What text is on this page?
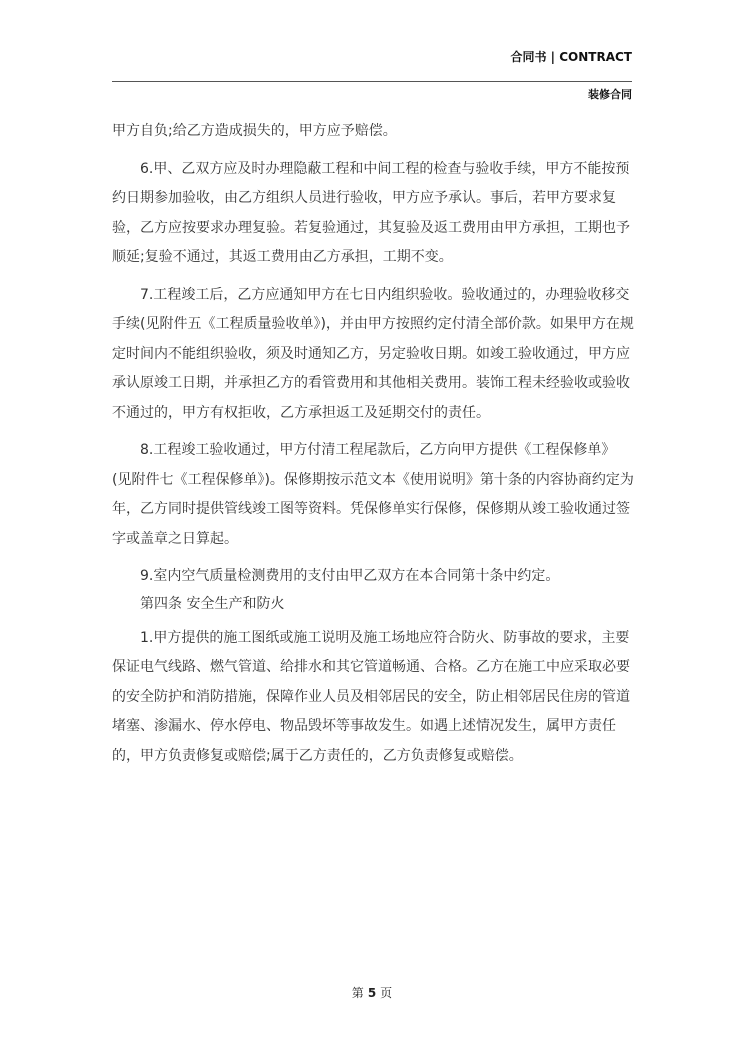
合同书 | CONTRACT
装修合同

甲方自负;给乙方造成损失的，甲方应予赔偿。

6.甲、乙双方应及时办理隐蔽工程和中间工程的检查与验收手续，甲方不能按预约日期参加验收，由乙方组织人员进行验收，甲方应予承认。事后，若甲方要求复验，乙方应按要求办理复验。若复验通过，其复验及返工费用由甲方承担，工期也予顺延;复验不通过，其返工费用由乙方承担，工期不变。

7.工程竣工后，乙方应通知甲方在七日内组织验收。验收通过的，办理验收移交手续(见附件五《工程质量验收单》)，并由甲方按照约定付清全部价款。如果甲方在规定时间内不能组织验收，须及时通知乙方，另定验收日期。如竣工验收通过，甲方应承认原竣工日期，并承担乙方的看管费用和其他相关费用。装饰工程未经验收或验收不通过的，甲方有权拒收，乙方承担返工及延期交付的责任。

8.工程竣工验收通过，甲方付清工程尾款后，乙方向甲方提供《工程保修单》(见附件七《工程保修单》)。保修期按示范文本《使用说明》第十条的内容协商约定为 年，乙方同时提供管线竣工图等资料。凭保修单实行保修，保修期从竣工验收通过签字或盖章之日算起。

9.室内空气质量检测费用的支付由甲乙双方在本合同第十条中约定。

第四条 安全生产和防火

1.甲方提供的施工图纸或施工说明及施工场地应符合防火、防事故的要求，主要保证电气线路、燃气管道、给排水和其它管道畅通、合格。乙方在施工中应采取必要的安全防护和消防措施，保障作业人员及相邻居民的安全，防止相邻居民住房的管道堵塞、渗漏水、停水停电、物品毁坏等事故发生。如遇上述情况发生，属甲方责任的，甲方负责修复或赔偿;属于乙方责任的，乙方负责修复或赔偿。

第 5 页
